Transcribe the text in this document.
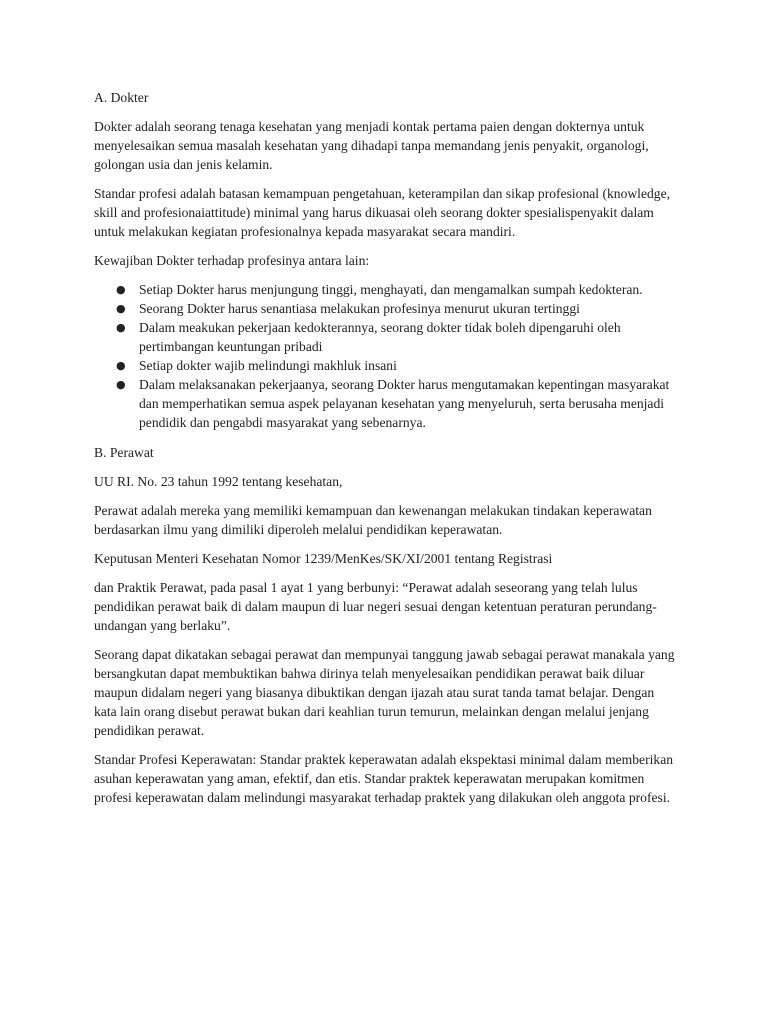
A. Dokter

Dokter adalah seorang tenaga kesehatan yang menjadi kontak pertama paien dengan dokternya untuk menyelesaikan semua masalah kesehatan yang dihadapi tanpa memandang jenis penyakit, organologi, golongan usia dan jenis kelamin.

Standar profesi adalah batasan kemampuan pengetahuan, keterampilan dan sikap profesional (knowledge, skill and profesionaiattitude) minimal yang harus dikuasai oleh seorang dokter spesialispenyakit dalam untuk melakukan kegiatan profesionalnya kepada masyarakat secara mandiri.

Kewajiban Dokter terhadap profesinya antara lain:

● Setiap Dokter harus menjungung tinggi, menghayati, dan mengamalkan sumpah kedokteran.
● Seorang Dokter harus senantiasa melakukan profesinya menurut ukuran tertinggi
● Dalam meakukan pekerjaan kedokterannya, seorang dokter tidak boleh dipengaruhi oleh pertimbangan keuntungan pribadi
● Setiap dokter wajib melindungi makhluk insani
● Dalam melaksanakan pekerjaanya, seorang Dokter harus mengutamakan kepentingan masyarakat dan memperhatikan semua aspek pelayanan kesehatan yang menyeluruh, serta berusaha menjadi pendidik dan pengabdi masyarakat yang sebenarnya.
B. Perawat

UU RI. No. 23 tahun 1992 tentang kesehatan,

Perawat adalah mereka yang memiliki kemampuan dan kewenangan melakukan tindakan keperawatan berdasarkan ilmu yang dimiliki diperoleh melalui pendidikan keperawatan.

Keputusan Menteri Kesehatan Nomor 1239/MenKes/SK/XI/2001 tentang Registrasi

dan Praktik Perawat, pada pasal 1 ayat 1 yang berbunyi: “Perawat adalah seseorang yang telah lulus pendidikan perawat baik di dalam maupun di luar negeri sesuai dengan ketentuan peraturan perundang-undangan yang berlaku”.

Seorang dapat dikatakan sebagai perawat dan mempunyai tanggung jawab sebagai perawat manakala yang bersangkutan dapat membuktikan bahwa dirinya telah menyelesaikan pendidikan perawat baik diluar maupun didalam negeri yang biasanya dibuktikan dengan ijazah atau surat tanda tamat belajar. Dengan kata lain orang disebut perawat bukan dari keahlian turun temurun, melainkan dengan melalui jenjang pendidikan perawat.

Standar Profesi Keperawatan: Standar praktek keperawatan adalah ekspektasi minimal dalam memberikan asuhan keperawatan yang aman, efektif, dan etis. Standar praktek keperawatan merupakan komitmen profesi keperawatan dalam melindungi masyarakat terhadap praktek yang dilakukan oleh anggota profesi.
